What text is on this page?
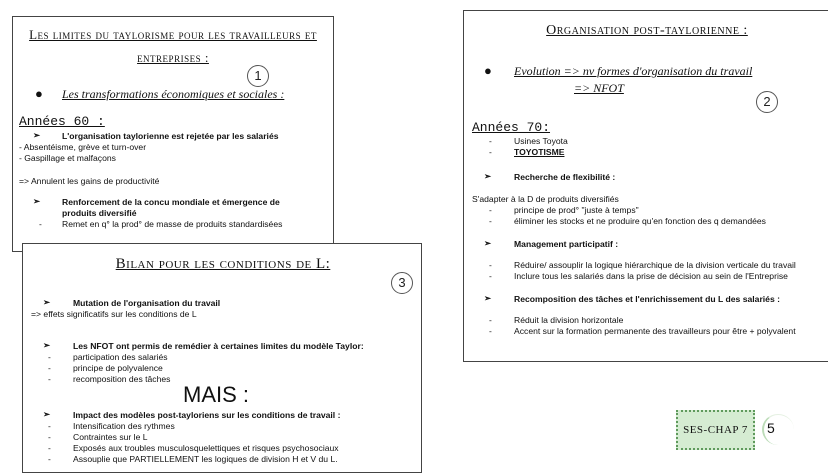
Les limites du taylorisme pour les travailleurs et
entreprises :
1
● Les transformations économiques et sociales :
Années 60 :
➢	L'organisation taylorienne est rejetée par les salariés
- Absentéisme, grève et turn-over
- Gaspillage et malfaçons
=> Annulent les gains de productivité
➢	Renforcement de la concu mondiale et émergence de
produits diversifié
- Remet en q° la prod° de masse de produits standardisées
Organisation post-taylorienne :
● Evolution => nv formes d'organisation du travail
=> NFOT
2
Années 70:
-	Usines Toyota
-	TOYOTISME
➢	Recherche de flexibilité :
S'adapter à la D de produits diversifiés
-	principe de prod° "juste à temps"
-	éliminer les stocks et ne produire qu'en fonction des q demandées
➢	Management participatif :
-	Réduire/ assouplir la logique hiérarchique de la division verticale du travail
-	Inclure tous les salariés dans la prise de décision au sein de l'Entreprise
➢	Recomposition des tâches et l'enrichissement du L des salariés :
-	Réduit la division horizontale
-	Accent sur la formation permanente des travailleurs pour être + polyvalent
Bilan pour les conditions de L:
3
➢	Mutation de l'organisation du travail
=> effets significatifs sur les conditions de L
➢	Les NFOT ont permis de remédier à certaines limites du modèle Taylor:
-	participation des salariés
-	principe de polyvalence
-	recomposition des tâches
MAIS :
➢	Impact des modèles post-tayloriens sur les conditions de travail :
-	Intensification des rythmes
-	Contraintes sur le L
-	Exposés aux troubles musculosquelettiques et risques psychosociaux
-	Assouplie que PARTIELLEMENT les logiques de division H et V du L.
SES-CHAP 7	5
